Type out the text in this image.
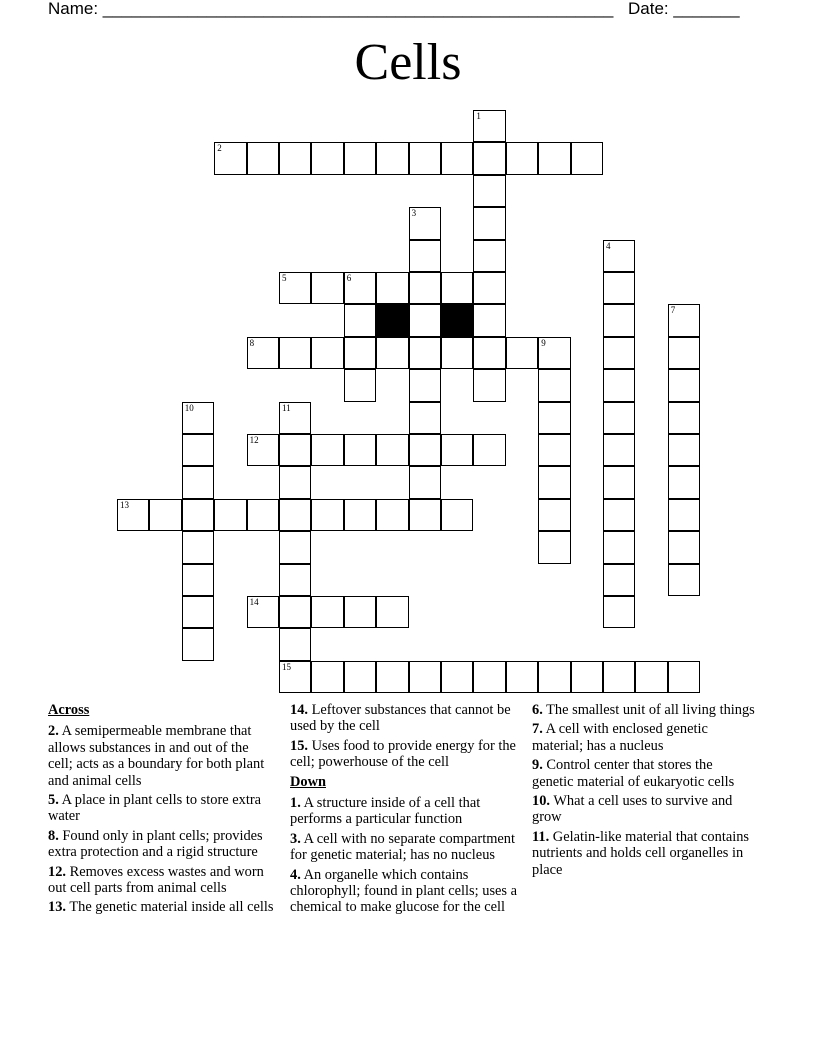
Name: ______________________________________________________ Date: _______
Cells
2
5	6
8
12
13
14
15
1
3
4
7
9
10	11
Across
2. A semipermeable membrane that allows substances in and out of the cell; acts as a boundary for both plant and animal cells
5. A place in plant cells to store extra water
8. Found only in plant cells; provides extra protection and a rigid structure
12. Removes excess wastes and worn out cell parts from animal cells
13. The genetic material inside all cells
14. Leftover substances that cannot be used by the cell
15. Uses food to provide energy for the cell; powerhouse of the cell
Down
1. A structure inside of a cell that performs a particular function
3. A cell with no separate compartment for genetic material; has no nucleus
4. An organelle which contains chlorophyll; found in plant cells; uses a chemical to make glucose for the cell
6. The smallest unit of all living things
7. A cell with enclosed genetic material; has a nucleus
9. Control center that stores the genetic material of eukaryotic cells
10. What a cell uses to survive and grow
11. Gelatin-like material that contains nutrients and holds cell organelles in place
